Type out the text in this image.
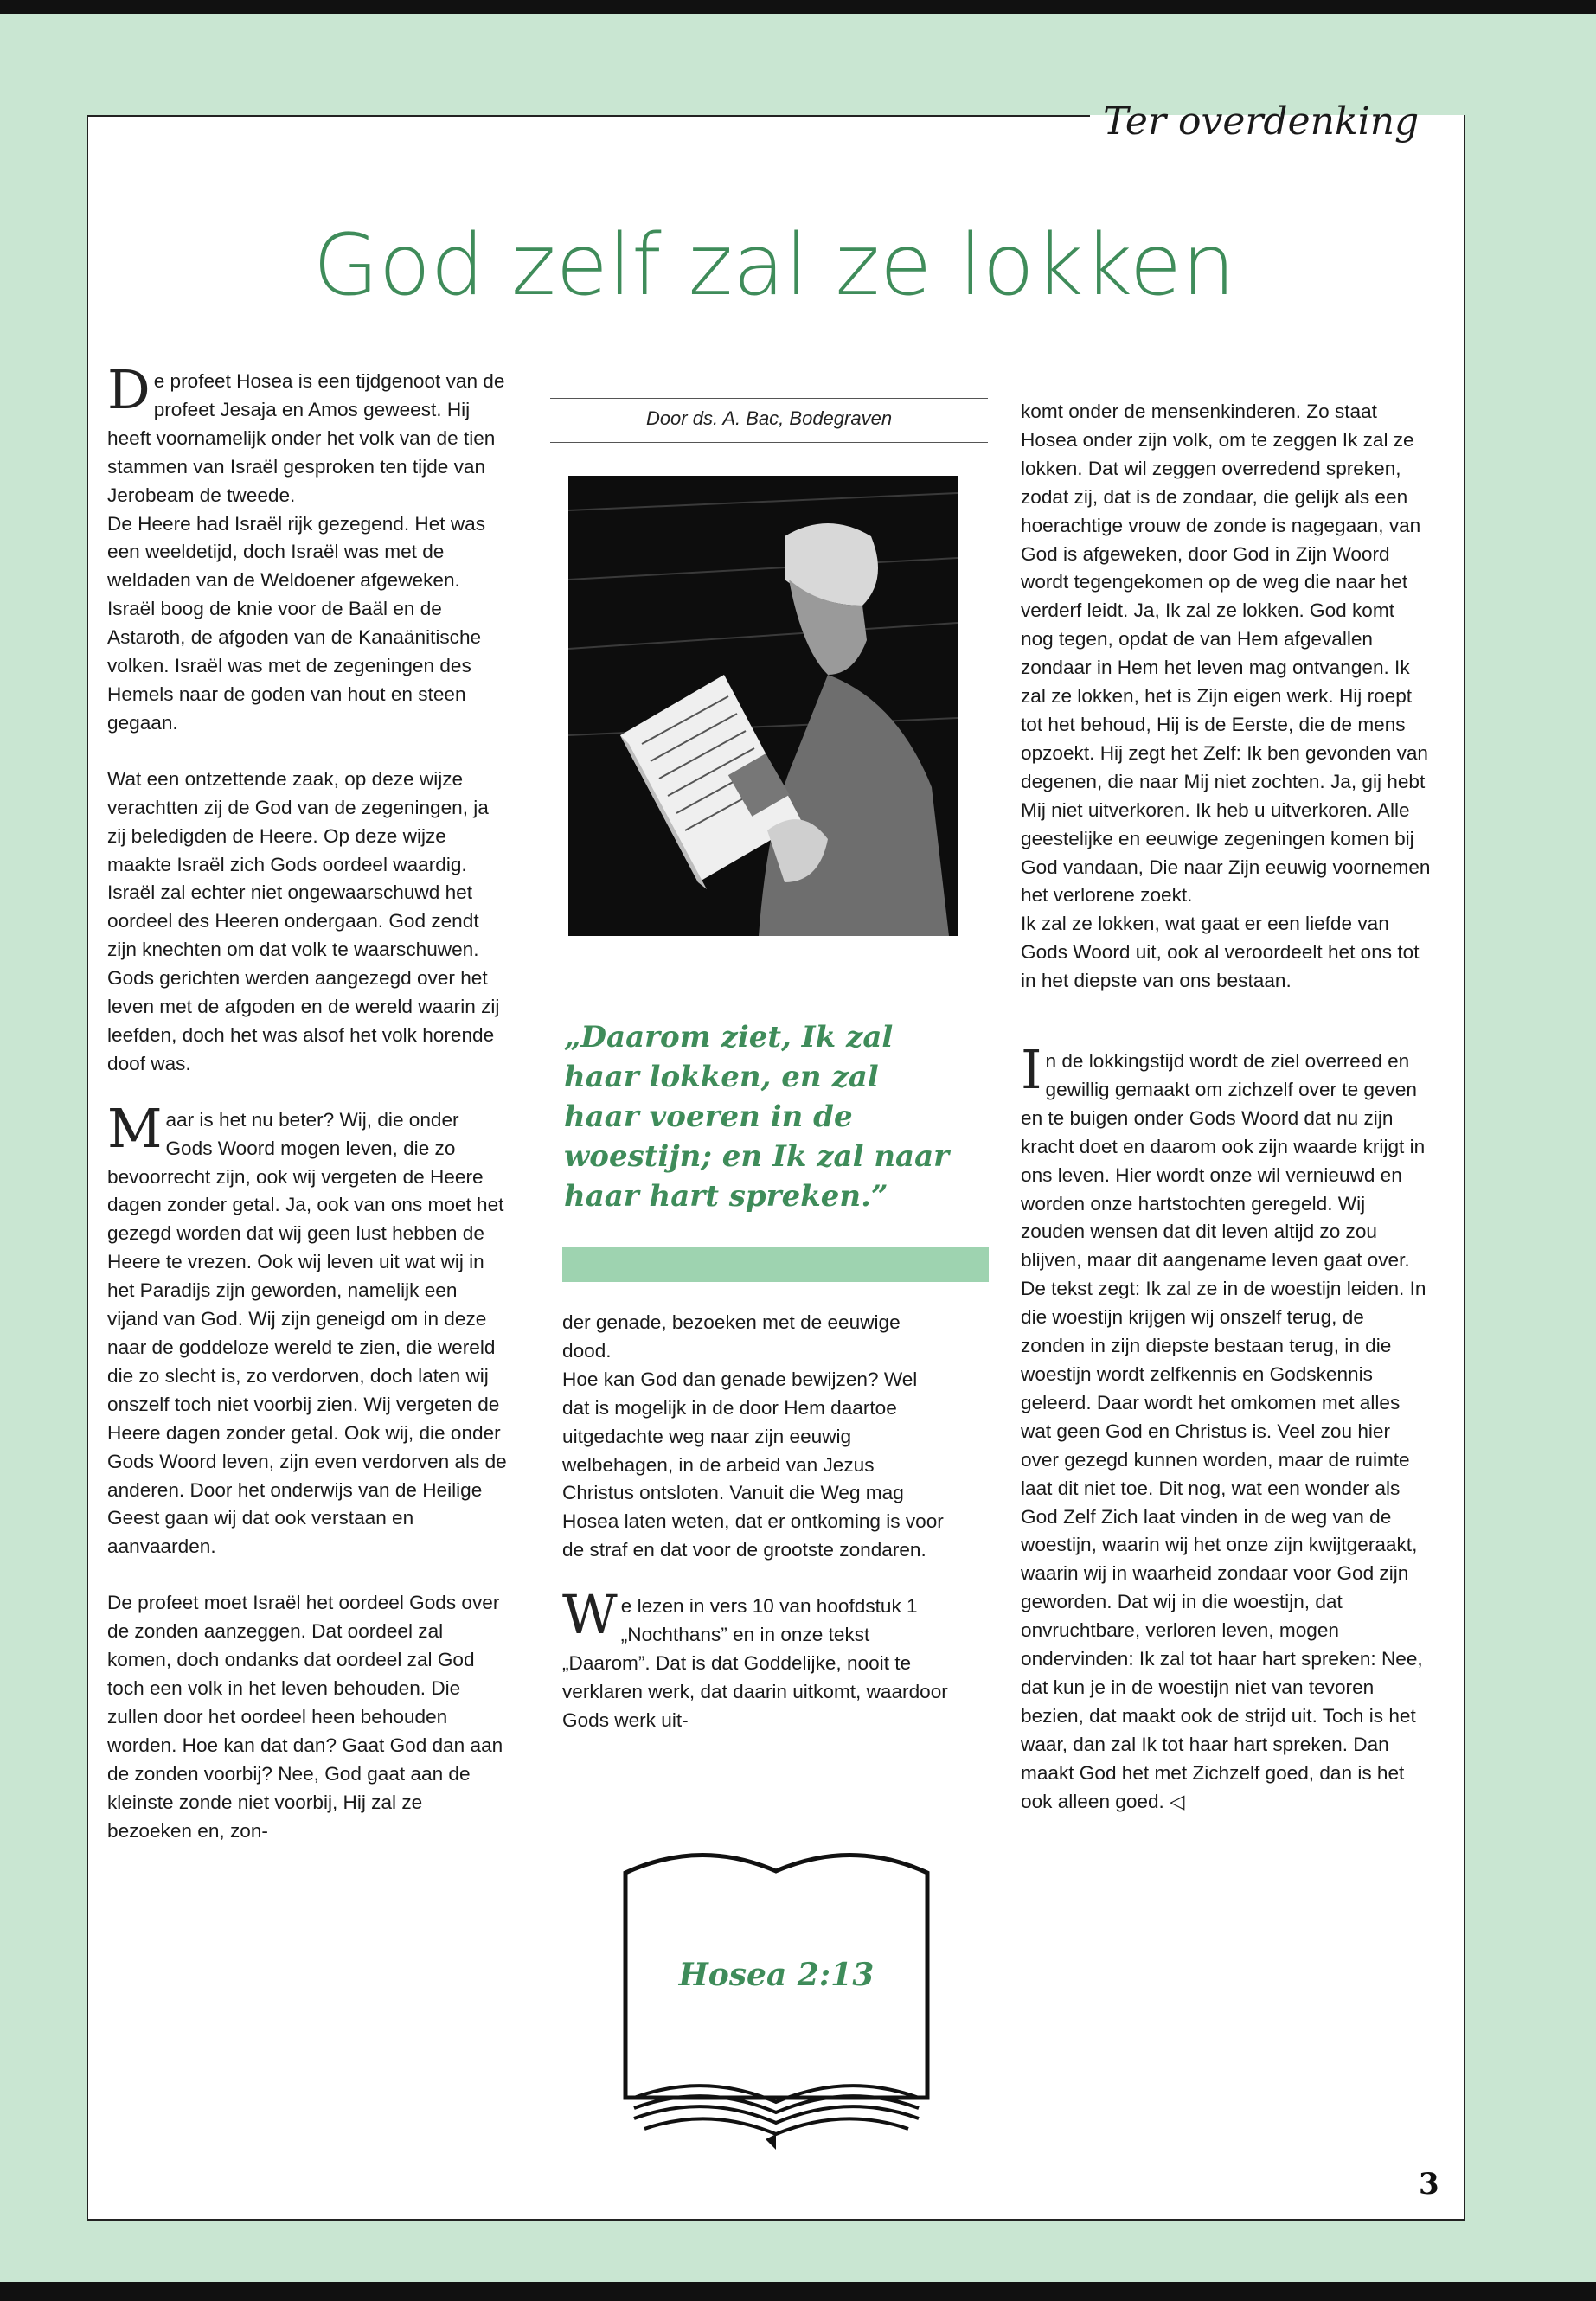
Ter overdenking
God zelf zal ze lokken

De profeet Hosea is een tijdgenoot van de profeet Jesaja en Amos geweest. Hij heeft voornamelijk onder het volk van de tien stammen van Israël gesproken ten tijde van Jerobeam de tweede.
De Heere had Israël rijk gezegend. Het was een weeldetijd, doch Israël was met de weldaden van de Weldoener afgeweken. Israël boog de knie voor de Baäl en de Astaroth, de afgoden van de Kanaänitische volken. Israël was met de zegeningen des Hemels naar de goden van hout en steen gegaan.

Wat een ontzettende zaak, op deze wijze verachtten zij de God van de zegeningen, ja zij beledigden de Heere. Op deze wijze maakte Israël zich Gods oordeel waardig. Israël zal echter niet ongewaarschuwd het oordeel des Heeren ondergaan. God zendt zijn knechten om dat volk te waarschuwen. Gods gerichten werden aangezegd over het leven met de afgoden en de wereld waarin zij leefden, doch het was alsof het volk horende doof was.

Maar is het nu beter? Wij, die onder Gods Woord mogen leven, die zo bevoorrecht zijn, ook wij vergeten de Heere dagen zonder getal. Ja, ook van ons moet het gezegd worden dat wij geen lust hebben de Heere te vrezen. Ook wij leven uit wat wij in het Paradijs zijn geworden, namelijk een vijand van God. Wij zijn geneigd om in deze naar de goddeloze wereld te zien, die wereld die zo slecht is, zo verdorven, doch laten wij onszelf toch niet voorbij zien. Wij vergeten de Heere dagen zonder getal. Ook wij, die onder Gods Woord leven, zijn even verdorven als de anderen. Door het onderwijs van de Heilige Geest gaan wij dat ook verstaan en aanvaarden.

De profeet moet Israël het oordeel Gods over de zonden aanzeggen. Dat oordeel zal komen, doch ondanks dat oordeel zal God toch een volk in het leven behouden. Die zullen door het oordeel heen behouden worden. Hoe kan dat dan? Gaat God dan aan de zonden voorbij? Nee, God gaat aan de kleinste zonde niet voorbij, Hij zal ze bezoeken en, zon-

Door ds. A. Bac, Bodegraven
„Daarom ziet, Ik zal haar lokken, en zal haar voeren in de woestijn; en Ik zal naar haar hart spreken.”

der genade, bezoeken met de eeuwige dood.
Hoe kan God dan genade bewijzen? Wel dat is mogelijk in de door Hem daartoe uitgedachte weg naar zijn eeuwig welbehagen, in de arbeid van Jezus Christus ontsloten. Vanuit die Weg mag Hosea laten weten, dat er ontkoming is voor de straf en dat voor de grootste zondaren.

We lezen in vers 10 van hoofdstuk 1 „Nochthans” en in onze tekst „Daarom”. Dat is dat Goddelijke, nooit te verklaren werk, dat daarin uitkomt, waardoor Gods werk uit-

Hosea 2:13

komt onder de mensenkinderen. Zo staat Hosea onder zijn volk, om te zeggen Ik zal ze lokken. Dat wil zeggen overredend spreken, zodat zij, dat is de zondaar, die gelijk als een hoerachtige vrouw de zonde is nagegaan, van God is afgeweken, door God in Zijn Woord wordt tegengekomen op de weg die naar het verderf leidt. Ja, Ik zal ze lokken. God komt nog tegen, opdat de van Hem afgevallen zondaar in Hem het leven mag ontvangen. Ik zal ze lokken, het is Zijn eigen werk. Hij roept tot het behoud, Hij is de Eerste, die de mens opzoekt. Hij zegt het Zelf: Ik ben gevonden van degenen, die naar Mij niet zochten. Ja, gij hebt Mij niet uitverkoren. Ik heb u uitverkoren. Alle geestelijke en eeuwige zegeningen komen bij God vandaan, Die naar Zijn eeuwig voornemen het verlorene zoekt.
Ik zal ze lokken, wat gaat er een liefde van Gods Woord uit, ook al veroordeelt het ons tot in het diepste van ons bestaan.

In de lokkingstijd wordt de ziel overreed en gewillig gemaakt om zichzelf over te geven en te buigen onder Gods Woord dat nu zijn kracht doet en daarom ook zijn waarde krijgt in ons leven. Hier wordt onze wil vernieuwd en worden onze hartstochten geregeld. Wij zouden wensen dat dit leven altijd zo zou blijven, maar dit aangename leven gaat over. De tekst zegt: Ik zal ze in de woestijn leiden. In die woestijn krijgen wij onszelf terug, de zonden in zijn diepste bestaan terug, in die woestijn wordt zelfkennis en Godskennis geleerd. Daar wordt het omkomen met alles wat geen God en Christus is. Veel zou hier over gezegd kunnen worden, maar de ruimte laat dit niet toe. Dit nog, wat een wonder als God Zelf Zich laat vinden in de weg van de woestijn, waarin wij het onze zijn kwijtgeraakt, waarin wij in waarheid zondaar voor God zijn geworden. Dat wij in die woestijn, dat onvruchtbare, verloren leven, mogen ondervinden: Ik zal tot haar hart spreken: Nee, dat kun je in de woestijn niet van tevoren bezien, dat maakt ook de strijd uit. Toch is het waar, dan zal Ik tot haar hart spreken. Dan maakt God het met Zichzelf goed, dan is het ook alleen goed. ◁

3
